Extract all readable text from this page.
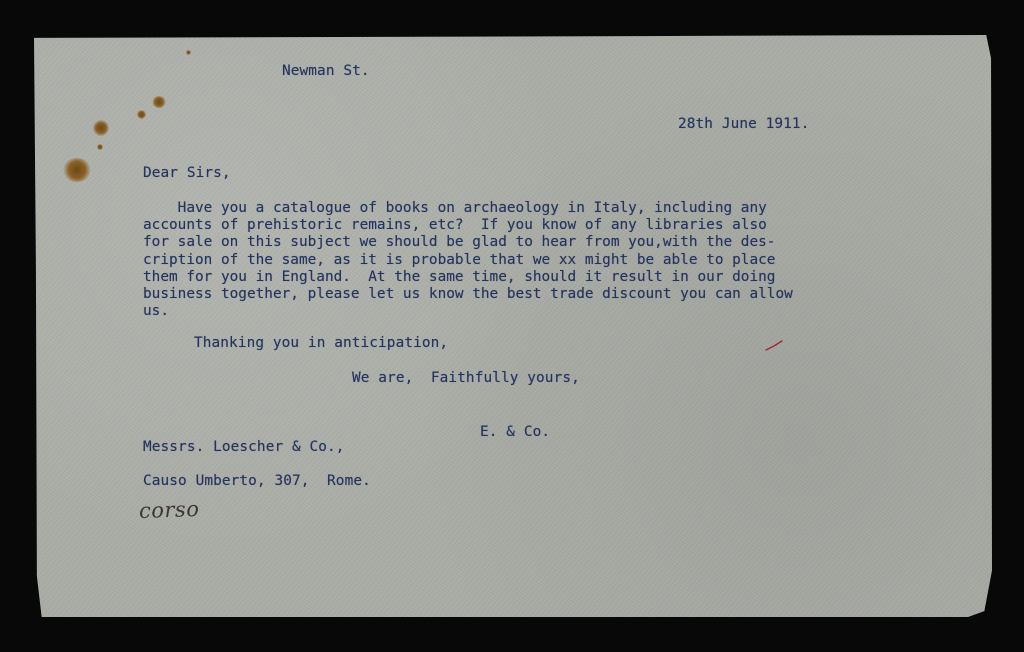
Newman St.
28th June 1911.
Dear Sirs,
Have you a catalogue of books on archaeology in Italy, including any
accounts of prehistoric remains, etc?  If you know of any libraries also
for sale on this subject we should be glad to hear from you,with the des-
cription of the same, as it is probable that we xx might be able to place
them for you in England.  At the same time, should it result in our doing
business together, please let us know the best trade discount you can allow
us.
Thanking you in anticipation,
We are,  Faithfully yours,
E. & Co.
Messrs. Loescher & Co.,
Causo Umberto, 307,  Rome.
corso
